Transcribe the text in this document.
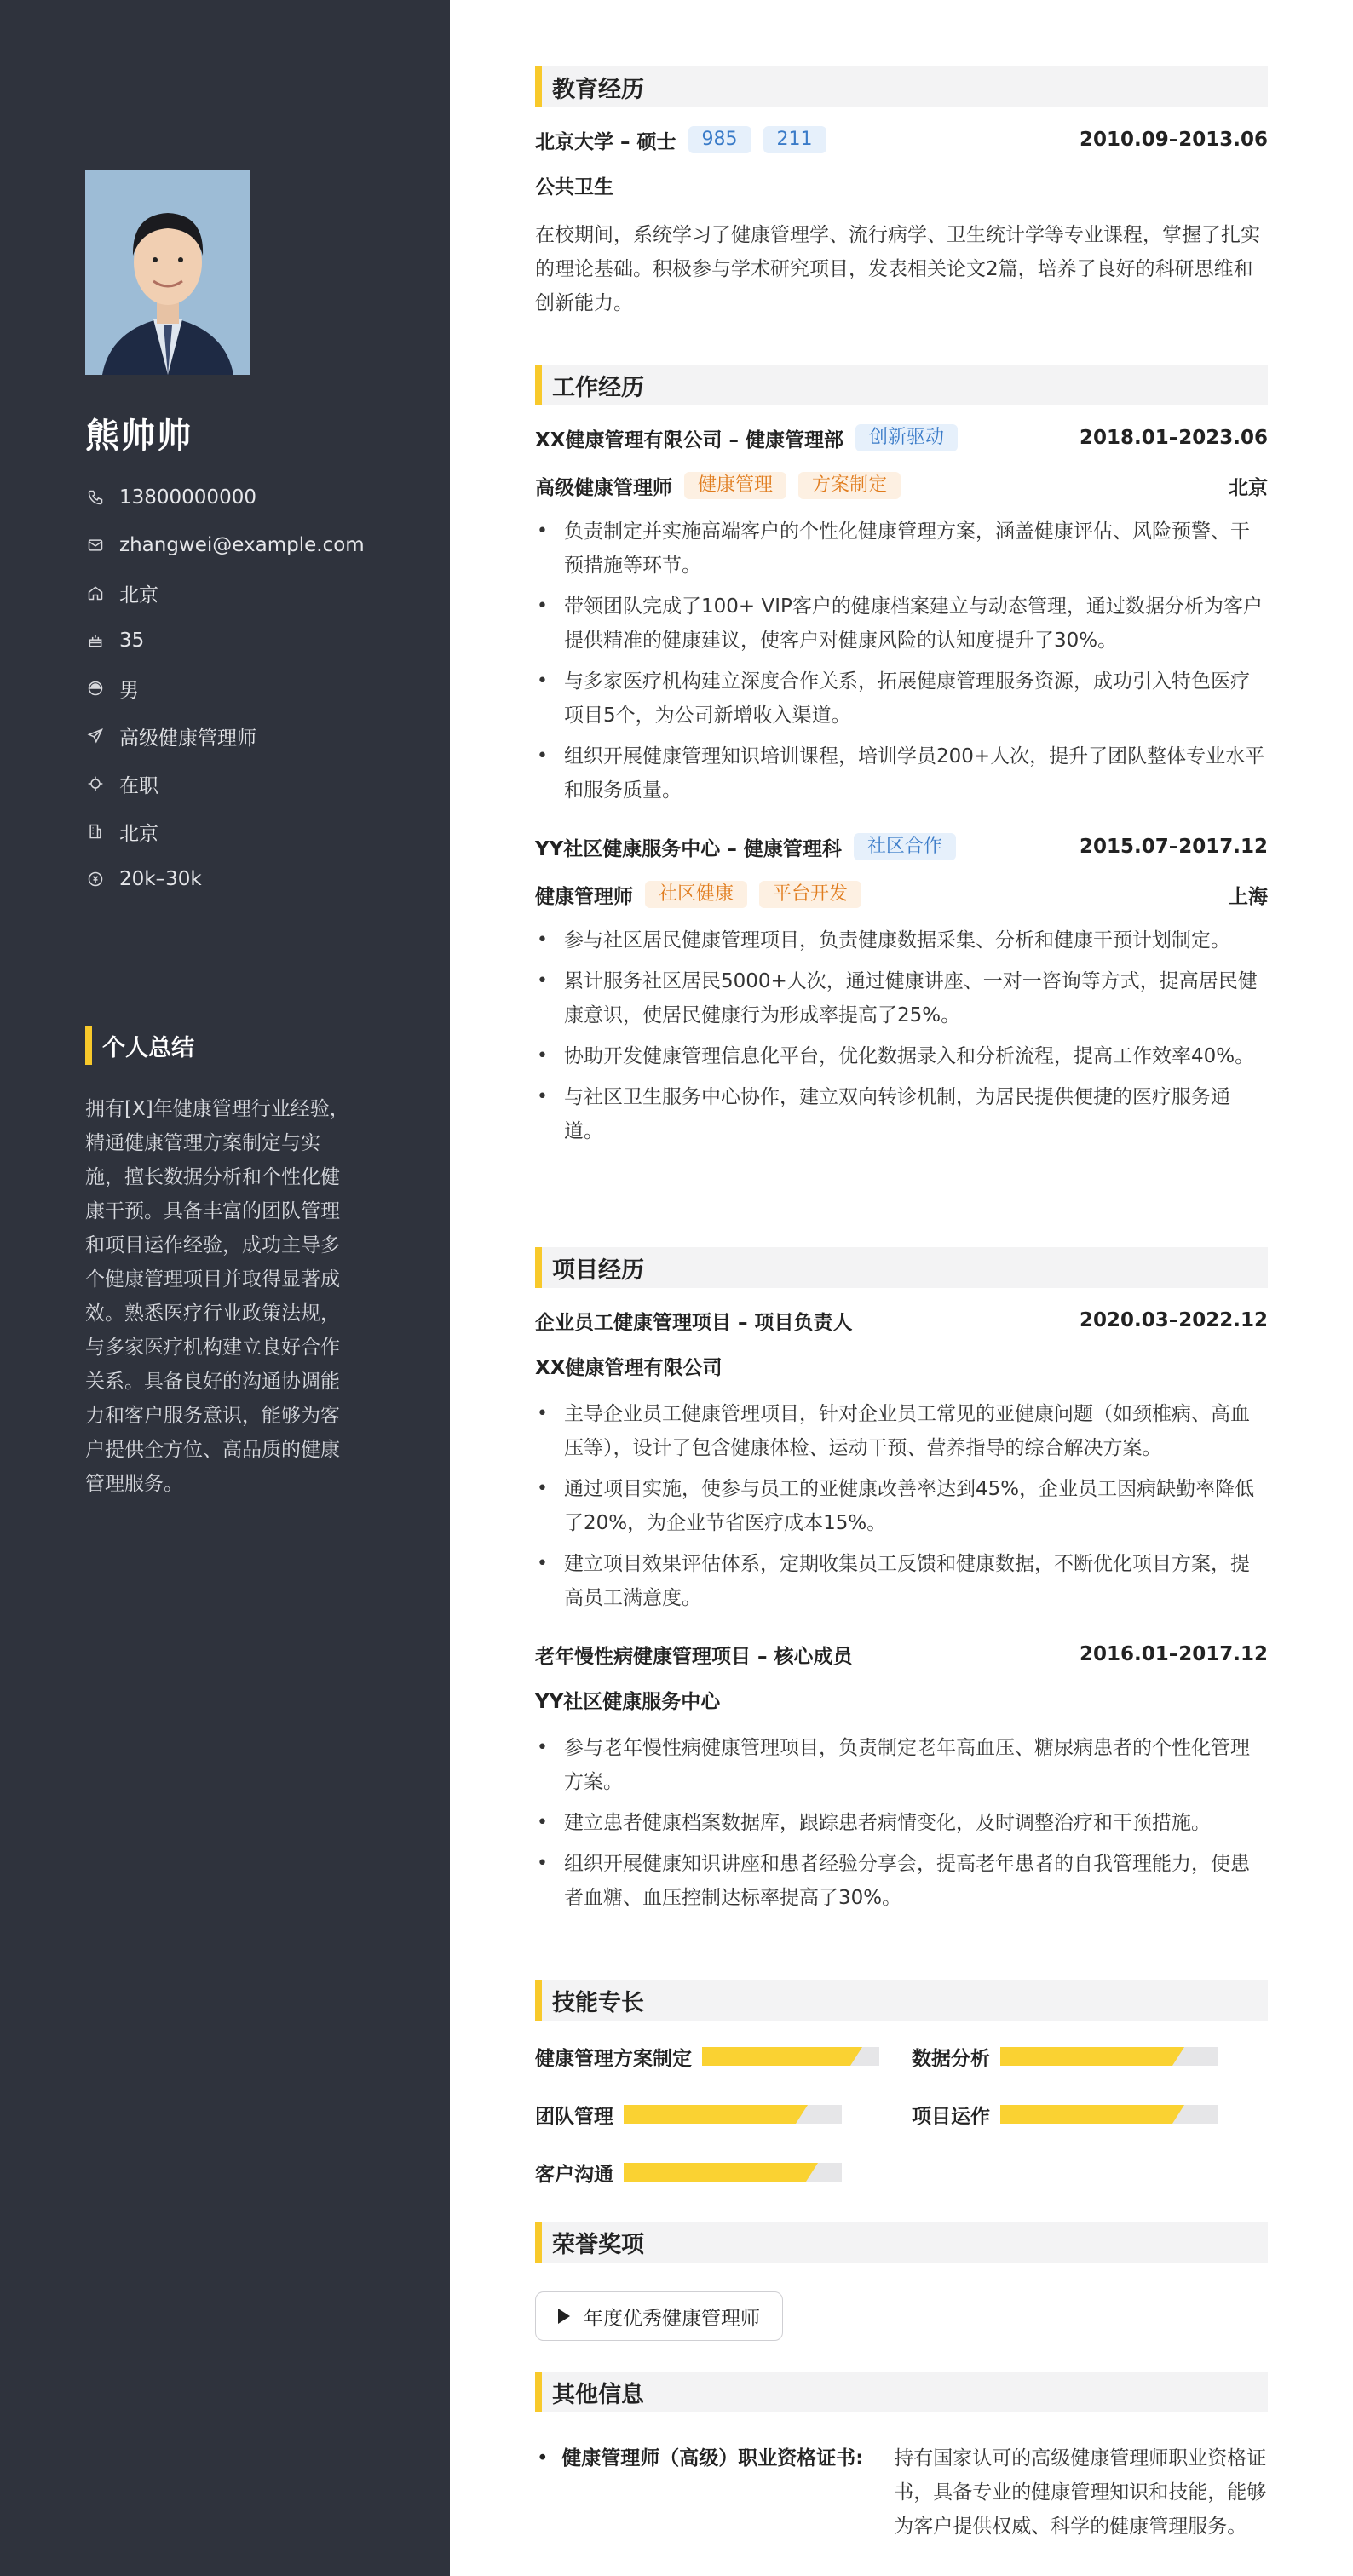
熊帅帅
13800000000
zhangwei@example.com
北京
35
男
高级健康管理师
在职
北京
20k–30k
个人总结
拥有[X]年健康管理行业经验，精通健康管理方案制定与实施，擅长数据分析和个性化健康干预。具备丰富的团队管理和项目运作经验，成功主导多个健康管理项目并取得显著成效。熟悉医疗行业政策法规，与多家医疗机构建立良好合作关系。具备良好的沟通协调能力和客户服务意识，能够为客户提供全方位、高品质的健康管理服务。
教育经历
北京大学 – 硕士	985	211	2010.09–2013.06
公共卫生
在校期间，系统学习了健康管理学、流行病学、卫生统计学等专业课程，掌握了扎实的理论基础。积极参与学术研究项目，发表相关论文2篇，培养了良好的科研思维和创新能力。
工作经历
XX健康管理有限公司 – 健康管理部	创新驱动	2018.01–2023.06
高级健康管理师	健康管理	方案制定	北京
• 负责制定并实施高端客户的个性化健康管理方案，涵盖健康评估、风险预警、干预措施等环节。
• 带领团队完成了100+ VIP客户的健康档案建立与动态管理，通过数据分析为客户提供精准的健康建议，使客户对健康风险的认知度提升了30%。
• 与多家医疗机构建立深度合作关系，拓展健康管理服务资源，成功引入特色医疗项目5个，为公司新增收入渠道。
• 组织开展健康管理知识培训课程，培训学员200+人次，提升了团队整体专业水平和服务质量。
YY社区健康服务中心 – 健康管理科	社区合作	2015.07–2017.12
健康管理师	社区健康	平台开发	上海
• 参与社区居民健康管理项目，负责健康数据采集、分析和健康干预计划制定。
• 累计服务社区居民5000+人次，通过健康讲座、一对一咨询等方式，提高居民健康意识，使居民健康行为形成率提高了25%。
• 协助开发健康管理信息化平台，优化数据录入和分析流程，提高工作效率40%。
• 与社区卫生服务中心协作，建立双向转诊机制，为居民提供便捷的医疗服务通道。
项目经历
企业员工健康管理项目 – 项目负责人	2020.03–2022.12
XX健康管理有限公司
• 主导企业员工健康管理项目，针对企业员工常见的亚健康问题（如颈椎病、高血压等），设计了包含健康体检、运动干预、营养指导的综合解决方案。
• 通过项目实施，使参与员工的亚健康改善率达到45%，企业员工因病缺勤率降低了20%，为企业节省医疗成本15%。
• 建立项目效果评估体系，定期收集员工反馈和健康数据，不断优化项目方案，提高员工满意度。
老年慢性病健康管理项目 – 核心成员	2016.01–2017.12
YY社区健康服务中心
• 参与老年慢性病健康管理项目，负责制定老年高血压、糖尿病患者的个性化管理方案。
• 建立患者健康档案数据库，跟踪患者病情变化，及时调整治疗和干预措施。
• 组织开展健康知识讲座和患者经验分享会，提高老年患者的自我管理能力，使患者血糖、血压控制达标率提高了30%。
技能专长
健康管理方案制定	数据分析
团队管理	项目运作
客户沟通
荣誉奖项
年度优秀健康管理师
其他信息
• 健康管理师（高级）职业资格证书:	持有国家认可的高级健康管理师职业资格证书，具备专业的健康管理知识和技能，能够为客户提供权威、科学的健康管理服务。
